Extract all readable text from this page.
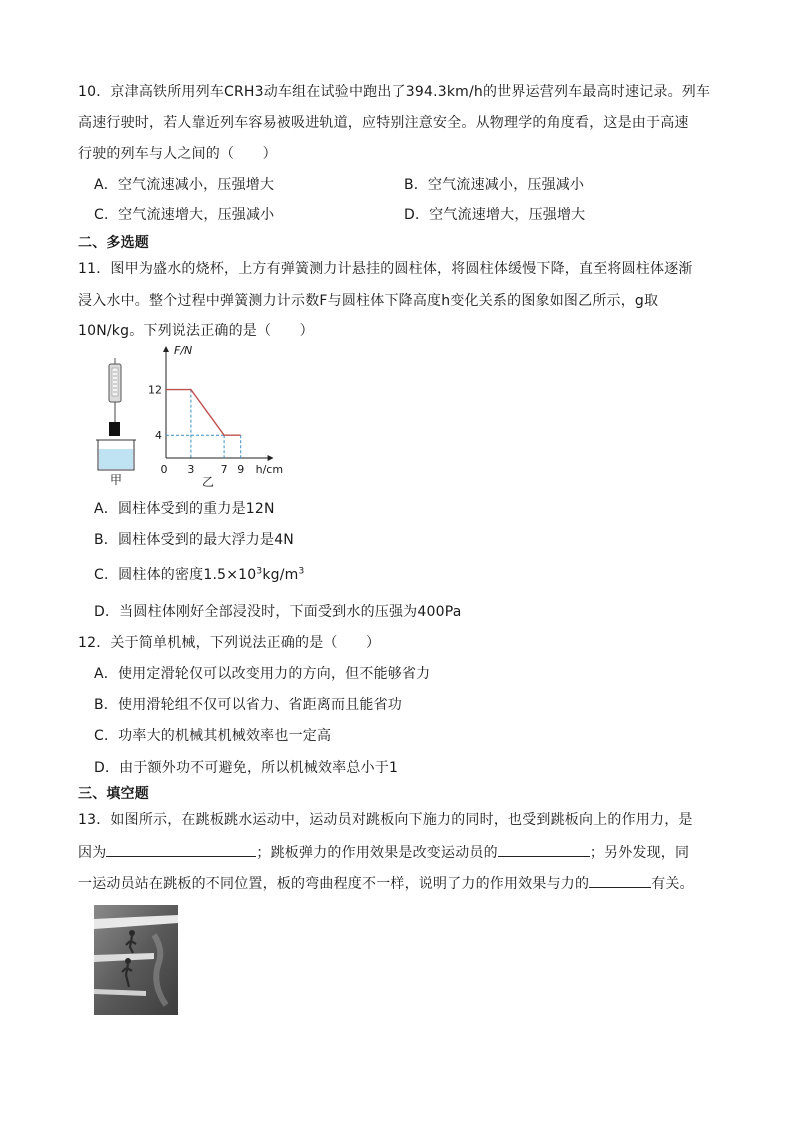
10．京津高铁所用列车CRH3动车组在试验中跑出了394.3km/h的世界运营列车最高时速记录。列车
高速行驶时，若人靠近列车容易被吸进轨道，应特别注意安全。从物理学的角度看，这是由于高速
行驶的列车与人之间的（　　）
A．空气流速减小，压强增大	B．空气流速减小，压强减小
C．空气流速增大，压强减小	D．空气流速增大，压强增大
二、多选题
11．图甲为盛水的烧杯，上方有弹簧测力计悬挂的圆柱体，将圆柱体缓慢下降，直至将圆柱体逐渐
浸入水中。整个过程中弹簧测力计示数F与圆柱体下降高度h变化关系的图象如图乙所示，g取
10N/kg。下列说法正确的是（　　）
甲
F/N
h/cm
12
4
0 3 7 9
乙
A．圆柱体受到的重力是12N
B．圆柱体受到的最大浮力是4N
C．圆柱体的密度$1.5\times 10^3kg/m^3$
D．当圆柱体刚好全部浸没时，下面受到水的压强为400Pa
12．关于简单机械，下列说法正确的是（　　）
A．使用定滑轮仅可以改变用力的方向，但不能够省力
B．使用滑轮组不仅可以省力、省距离而且能省功
C．功率大的机械其机械效率也一定高
D．由于额外功不可避免，所以机械效率总小于1
三、填空题
13．如图所示，在跳板跳水运动中，运动员对跳板向下施力的同时，也受到跳板向上的作用力，是
因为	；跳板弹力的作用效果是改变运动员的	；另外发现，同
一运动员站在跳板的不同位置，板的弯曲程度不一样，说明了力的作用效果与力的	有关。
